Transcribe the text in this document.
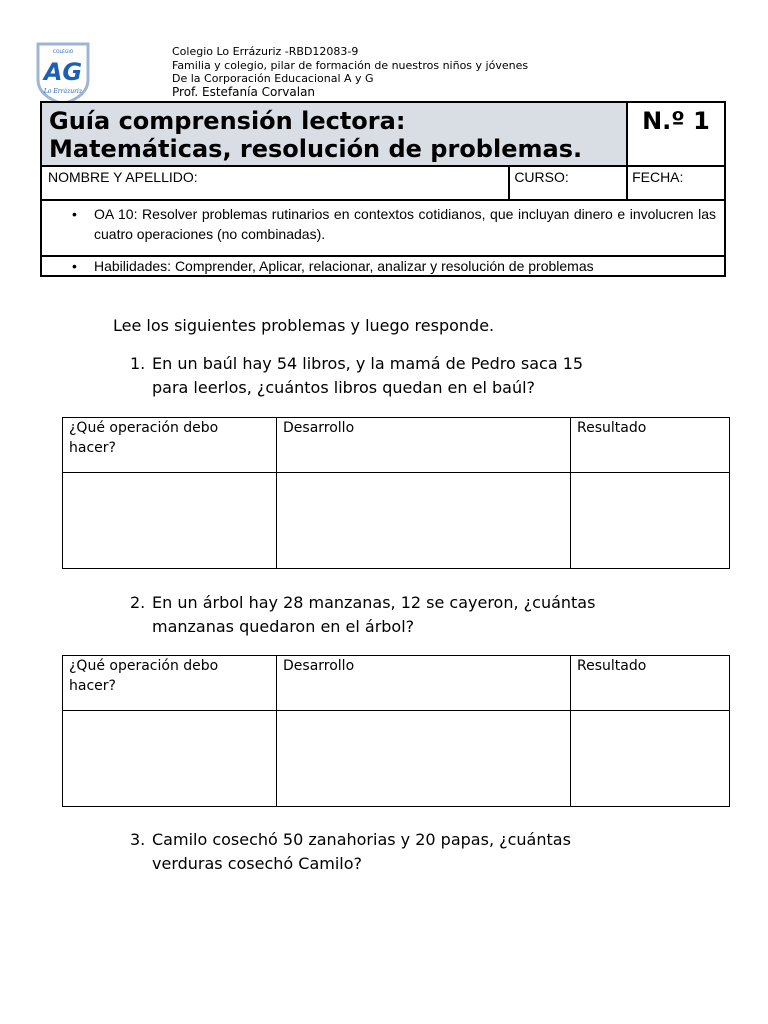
COLEGIO
AG
Lo Errázuriz
Colegio Lo Errázuriz -RBD12083-9
Familia y colegio, pilar de formación de nuestros niños y jóvenes
De la Corporación Educacional A y G
Prof. Estefanía Corvalan
Guía comprensión lectora:
Matemáticas, resolución de problemas.		N.º 1

NOMBRE Y APELLIDO:	CURSO:	FECHA:

• OA 10: Resolver problemas rutinarios en contextos cotidianos, que incluyan dinero e involucren las cuatro operaciones (no combinadas).		

• Habilidades: Comprender, Aplicar, relacionar, analizar y resolución de problemas		
Lee los siguientes problemas y luego responde.
1. En un baúl hay 54 libros, y la mamá de Pedro saca 15
para leerlos, ¿cuántos libros quedan en el baúl?
¿Qué operación debo
hacer?	Desarrollo	Resultado

2. En un árbol hay 28 manzanas, 12 se cayeron, ¿cuántas
manzanas quedaron en el árbol?
¿Qué operación debo
hacer?	Desarrollo	Resultado

3. Camilo cosechó 50 zanahorias y 20 papas, ¿cuántas
verduras cosechó Camilo?
